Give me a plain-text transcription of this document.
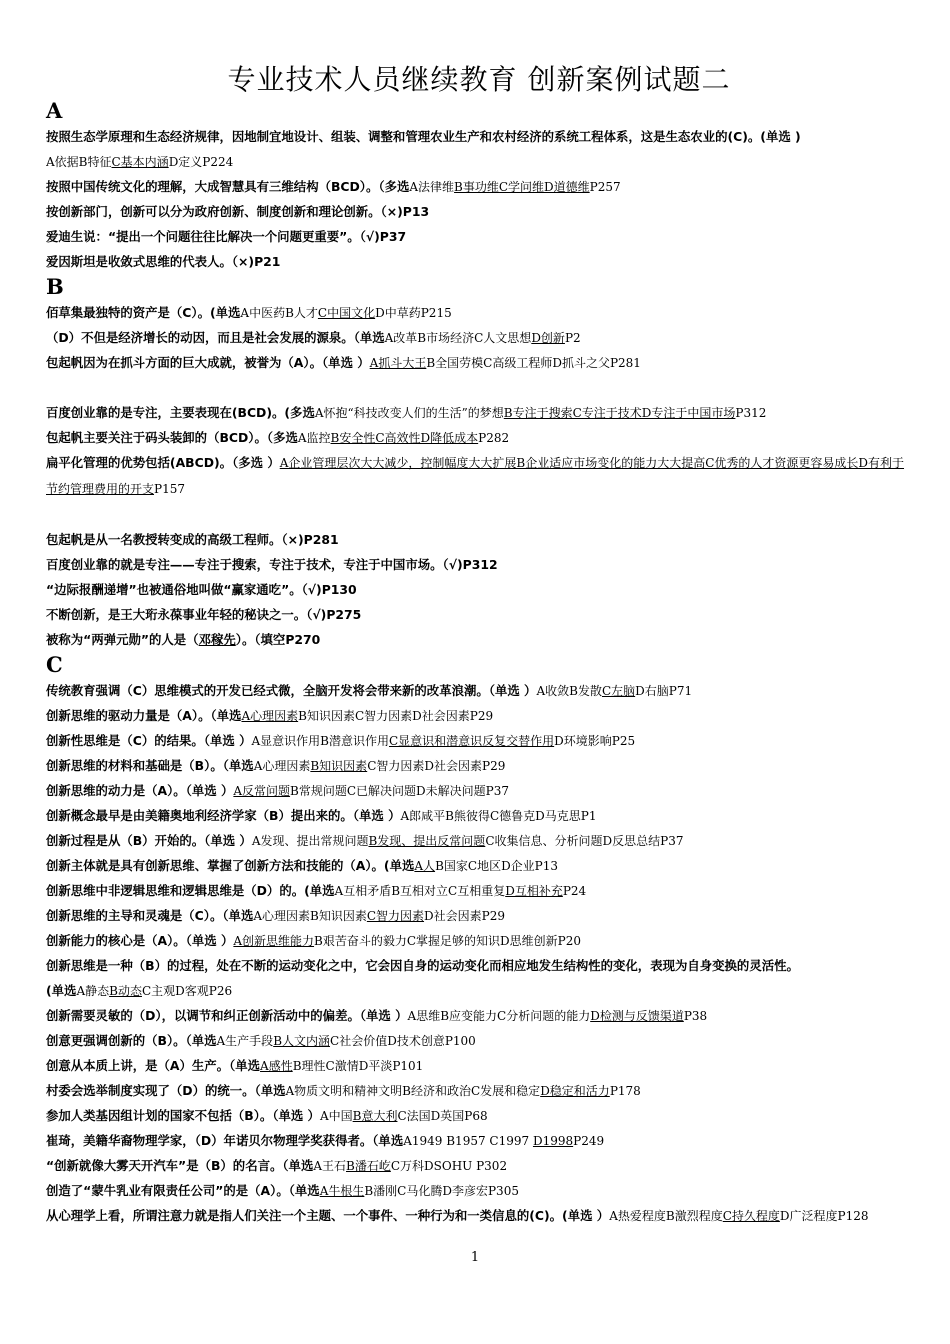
专业技术人员继续教育 创新案例试题二
A
按照生态学原理和生态经济规律，因地制宜地设计、组装、调整和管理农业生产和农村经济的系统工程体系，这是生态农业的(C)。(单选 )
A依据B特征C基本内涵D定义P224
按照中国传统文化的理解，大成智慧具有三维结构（BCD）。（多选A法律维B事功维C学问维D道德维P257
按创新部门，创新可以分为政府创新、制度创新和理论创新。（×)P13
爱迪生说：“提出一个问题往往比解决一个问题更重要”。（√)P37
爱因斯坦是收敛式思维的代表人。（×)P21
B
佰草集最独特的资产是（C）。(单选A中医药B人才C中国文化D中草药P215
（D）不但是经济增长的动因，而且是社会发展的源泉。（单选A改革B市场经济C人文思想D创新P2
包起帆因为在抓斗方面的巨大成就，被誉为（A）。（单选 ）A抓斗大王B全国劳模C高级工程师D抓斗之父P281
百度创业靠的是专注，主要表现在(BCD)。(多选A怀抱“科技改变人们的生活”的梦想B专注于搜索C专注于技术D专注于中国市场P312
包起帆主要关注于码头装卸的（BCD）。（多选A监控B安全性C高效性D降低成本P282
扁平化管理的优势包括(ABCD)。（多选 ）A企业管理层次大大减少，控制幅度大大扩展B企业适应市场变化的能力大大提高C优秀的人才资源更容易成长D有利于节约管理费用的开支P157
包起帆是从一名教授转变成的高级工程师。（×)P281
百度创业靠的就是专注——专注于搜索，专注于技术，专注于中国市场。（√)P312
“边际报酬递增”也被通俗地叫做“赢家通吃”。（√)P130
不断创新，是王大珩永葆事业年轻的秘诀之一。（√)P275
被称为“两弹元勋”的人是（邓稼先）。（填空P270
C
传统教育强调（C）思维模式的开发已经式微，全脑开发将会带来新的改革浪潮。（单选 ）A收敛B发散C左脑D右脑P71
创新思维的驱动力量是（A）。（单选A心理因素B知识因素C智力因素D社会因素P29
创新性思维是（C）的结果。（单选 ）A显意识作用B潜意识作用C显意识和潜意识反复交替作用D环境影响P25
创新思维的材料和基础是（B）。（单选A心理因素B知识因素C智力因素D社会因素P29
创新思维的动力是（A）。（单选 ）A反常问题B常规问题C已解决问题D未解决问题P37
创新概念最早是由美籍奥地利经济学家（B）提出来的。（单选 ）A郎咸平B熊彼得C德鲁克D马克思P1
创新过程是从（B）开始的。（单选 ）A发现、提出常规问题B发现、提出反常问题C收集信息、分析问题D反思总结P37
创新主体就是具有创新思维、掌握了创新方法和技能的（A）。(单选A人B国家C地区D企业P13
创新思维中非逻辑思维和逻辑思维是（D）的。(单选A互相矛盾B互相对立C互相重复D互相补充P24
创新思维的主导和灵魂是（C）。（单选A心理因素B知识因素C智力因素D社会因素P29
创新能力的核心是（A）。（单选 ）A创新思维能力B艰苦奋斗的毅力C掌握足够的知识D思维创新P20
创新思维是一种（B）的过程，处在不断的运动变化之中，它会因自身的运动变化而相应地发生结构性的变化，表现为自身变换的灵活性。
(单选A静态B动态C主观D客观P26
创新需要灵敏的（D），以调节和纠正创新活动中的偏差。（单选 ）A思维B应变能力C分析问题的能力D检测与反馈渠道P38
创意更强调创新的（B）。（单选A生产手段B人文内涵C社会价值D技术创意P100
创意从本质上讲，是（A）生产。（单选A感性B理性C激情D平淡P101
村委会选举制度实现了（D）的统一。（单选A物质文明和精神文明B经济和政治C发展和稳定D稳定和活力P178
参加人类基因组计划的国家不包括（B）。（单选 ）A中国B意大利C法国D英国P68
崔琦，美籍华裔物理学家，（D）年诺贝尔物理学奖获得者。（单选A1949 B1957 C1997 D1998P249
“创新就像大雾天开汽车”是（B）的名言。（单选A王石B潘石屹C万科DSOHU P302
创造了“蒙牛乳业有限责任公司”的是（A）。（单选A牛根生B潘刚C马化腾D李彦宏P305
从心理学上看，所谓注意力就是指人们关注一个主题、一个事件、一种行为和一类信息的(C)。(单选 ）A热爱程度B激烈程度C持久程度D广泛程度P128
1
